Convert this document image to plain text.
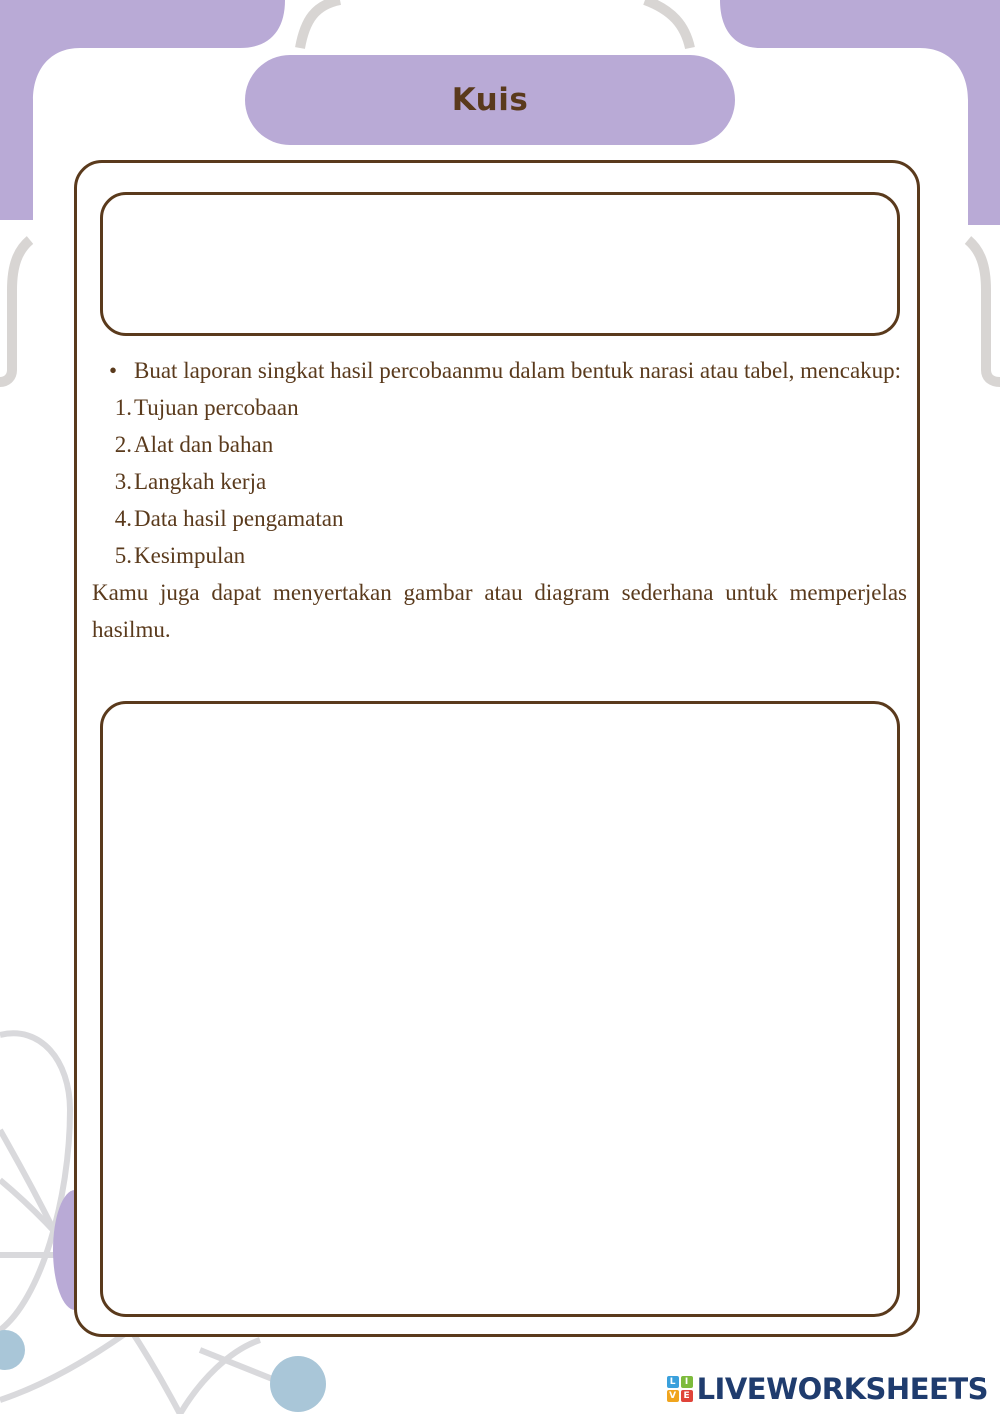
Kuis
• Buat laporan singkat hasil percobaanmu dalam bentuk narasi atau tabel, mencakup:
1. Tujuan percobaan
2. Alat dan bahan
3. Langkah kerja
4. Data hasil pengamatan
5. Kesimpulan
Kamu juga dapat menyertakan gambar atau diagram sederhana untuk memperjelas hasilmu.
L	I
V E LIVEWORKSHEETS
